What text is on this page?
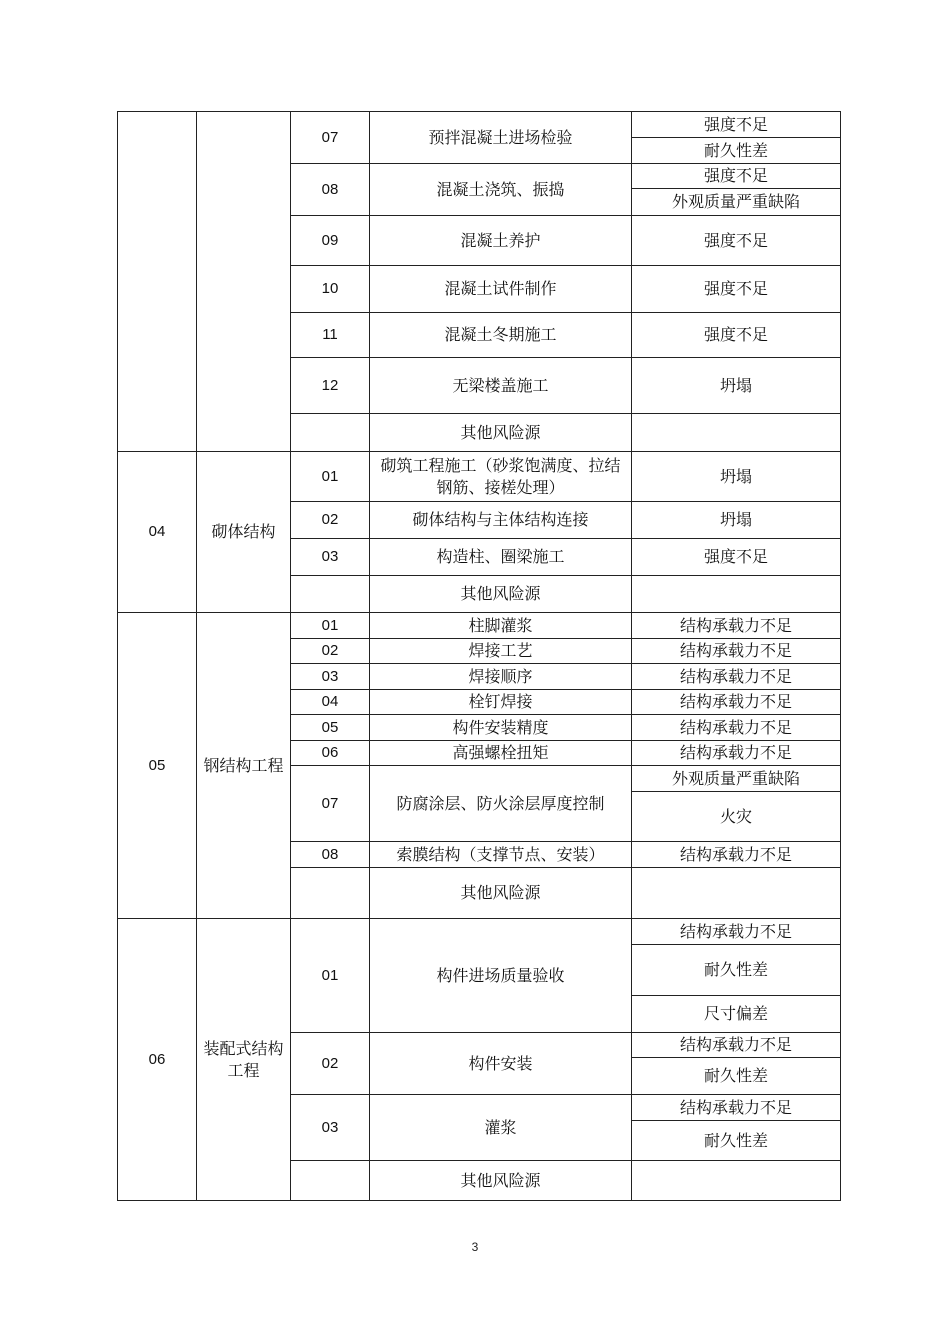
		07	预拌混凝土进场检验	强度不足
				耐久性差
		08	混凝土浇筑、振捣	强度不足
				外观质量严重缺陷
		09	混凝土养护	强度不足
		10	混凝土试件制作	强度不足
		11	混凝土冬期施工	强度不足
		12	无梁楼盖施工	坍塌
			其他风险源	
04	砌体结构	01	砌筑工程施工（砂浆饱满度、拉结钢筋、接槎处理）	坍塌
		02	砌体结构与主体结构连接	坍塌
		03	构造柱、圈梁施工	强度不足
			其他风险源	
05	钢结构工程	01	柱脚灌浆	结构承载力不足
		02	焊接工艺	结构承载力不足
		03	焊接顺序	结构承载力不足
		04	栓钉焊接	结构承载力不足
		05	构件安装精度	结构承载力不足
		06	高强螺栓扭矩	结构承载力不足
		07	防腐涂层、防火涂层厚度控制	外观质量严重缺陷
				火灾
		08	索膜结构（支撑节点、安装）	结构承载力不足
			其他风险源	
06	装配式结构工程	01	构件进场质量验收	结构承载力不足
				耐久性差
				尺寸偏差
		02	构件安装	结构承载力不足
				耐久性差
		03	灌浆	结构承载力不足
				耐久性差
			其他风险源	
3
